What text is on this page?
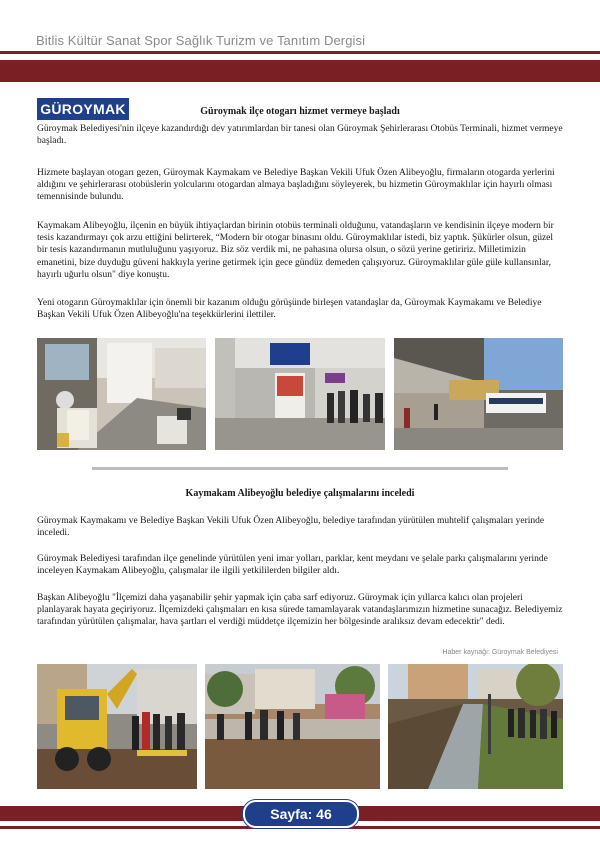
Bitlis Kültür Sanat Spor Sağlık Turizm ve Tanıtım Dergisi
GÜROYMAK	Güroymak ilçe otogarı hizmet vermeye başladı

Güroymak Belediyesi'nin ilçeye kazandırdığı dev yatırımlardan bir tanesi olan Güroymak Şehirlerarası Otobüs Terminali, hizmet vermeye başladı.

Hizmete başlayan otogarı gezen, Güroymak Kaymakam ve Belediye Başkan Vekili Ufuk Özen Alibeyoğlu, firmaların otogarda yerlerini aldığını ve şehirlerarası otobüslerin yolcularını otogardan almaya başladığını söyleyerek, bu hizmetin Güroymaklılar için hayırlı olması temennisinde bulundu.

Kaymakam Alibeyoğlu, ilçenin en büyük ihtiyaçlardan birinin otobüs terminali olduğunu, vatandaşların ve kendisinin ilçeye modern bir tesis kazandırmayı çok arzu ettiğini belirterek, “Modern bir otogar binasını oldu. Güroymaklılar istedi, biz yaptık. Şükürler olsun, güzel bir tesis kazandırmanın mutluluğunu yaşıyoruz. Biz söz verdik mi, ne pahasına olursa olsun, o sözü yerine getiririz. Milletimizin emanetini, bize duyduğu güveni hakkıyla yerine getirmek için gece gündüz demeden çalışıyoruz. Güroymaklılar güle güle kullansınlar, hayırlı uğurlu olsun" diye konuştu.

Yeni otogarın Güroymaklılar için önemli bir kazanım olduğu görüşünde birleşen vatandaşlar da, Güroymak Kaymakamı ve Belediye Başkan Vekili Ufuk Özen Alibeyoğlu'na teşekkürlerini ilettiler.

Kaymakam Alibeyoğlu belediye çalışmalarını inceledi

Güroymak Kaymakamı ve Belediye Başkan Vekili Ufuk Özen Alibeyoğlu, belediye tarafından yürütülen muhtelif çalışmaları yerinde inceledi.

Güroymak Belediyesi tarafından ilçe genelinde yürütülen yeni imar yolları, parklar, kent meydanı ve şelale parkı çalışmalarını yerinde inceleyen Kaymakam Alibeyoğlu, çalışmalar ile ilgili yetkililerden bilgiler aldı.

Başkan Alibeyoğlu "İlçemizi daha yaşanabilir şehir yapmak için çaba sarf ediyoruz. Güroymak için yıllarca kalıcı olan projeleri planlayarak hayata geçiriyoruz. İlçemizdeki çalışmaları en kısa sürede tamamlayarak vatandaşlarımızın hizmetine sunacağız. Belediyemiz tarafından yürütülen çalışmalar, hava şartları el verdiği müddetçe ilçemizin her bölgesinde aralıksız devam edecektir" dedi.

Haber kaynağı: Güroymak Belediyesi
Sayfa: 46
